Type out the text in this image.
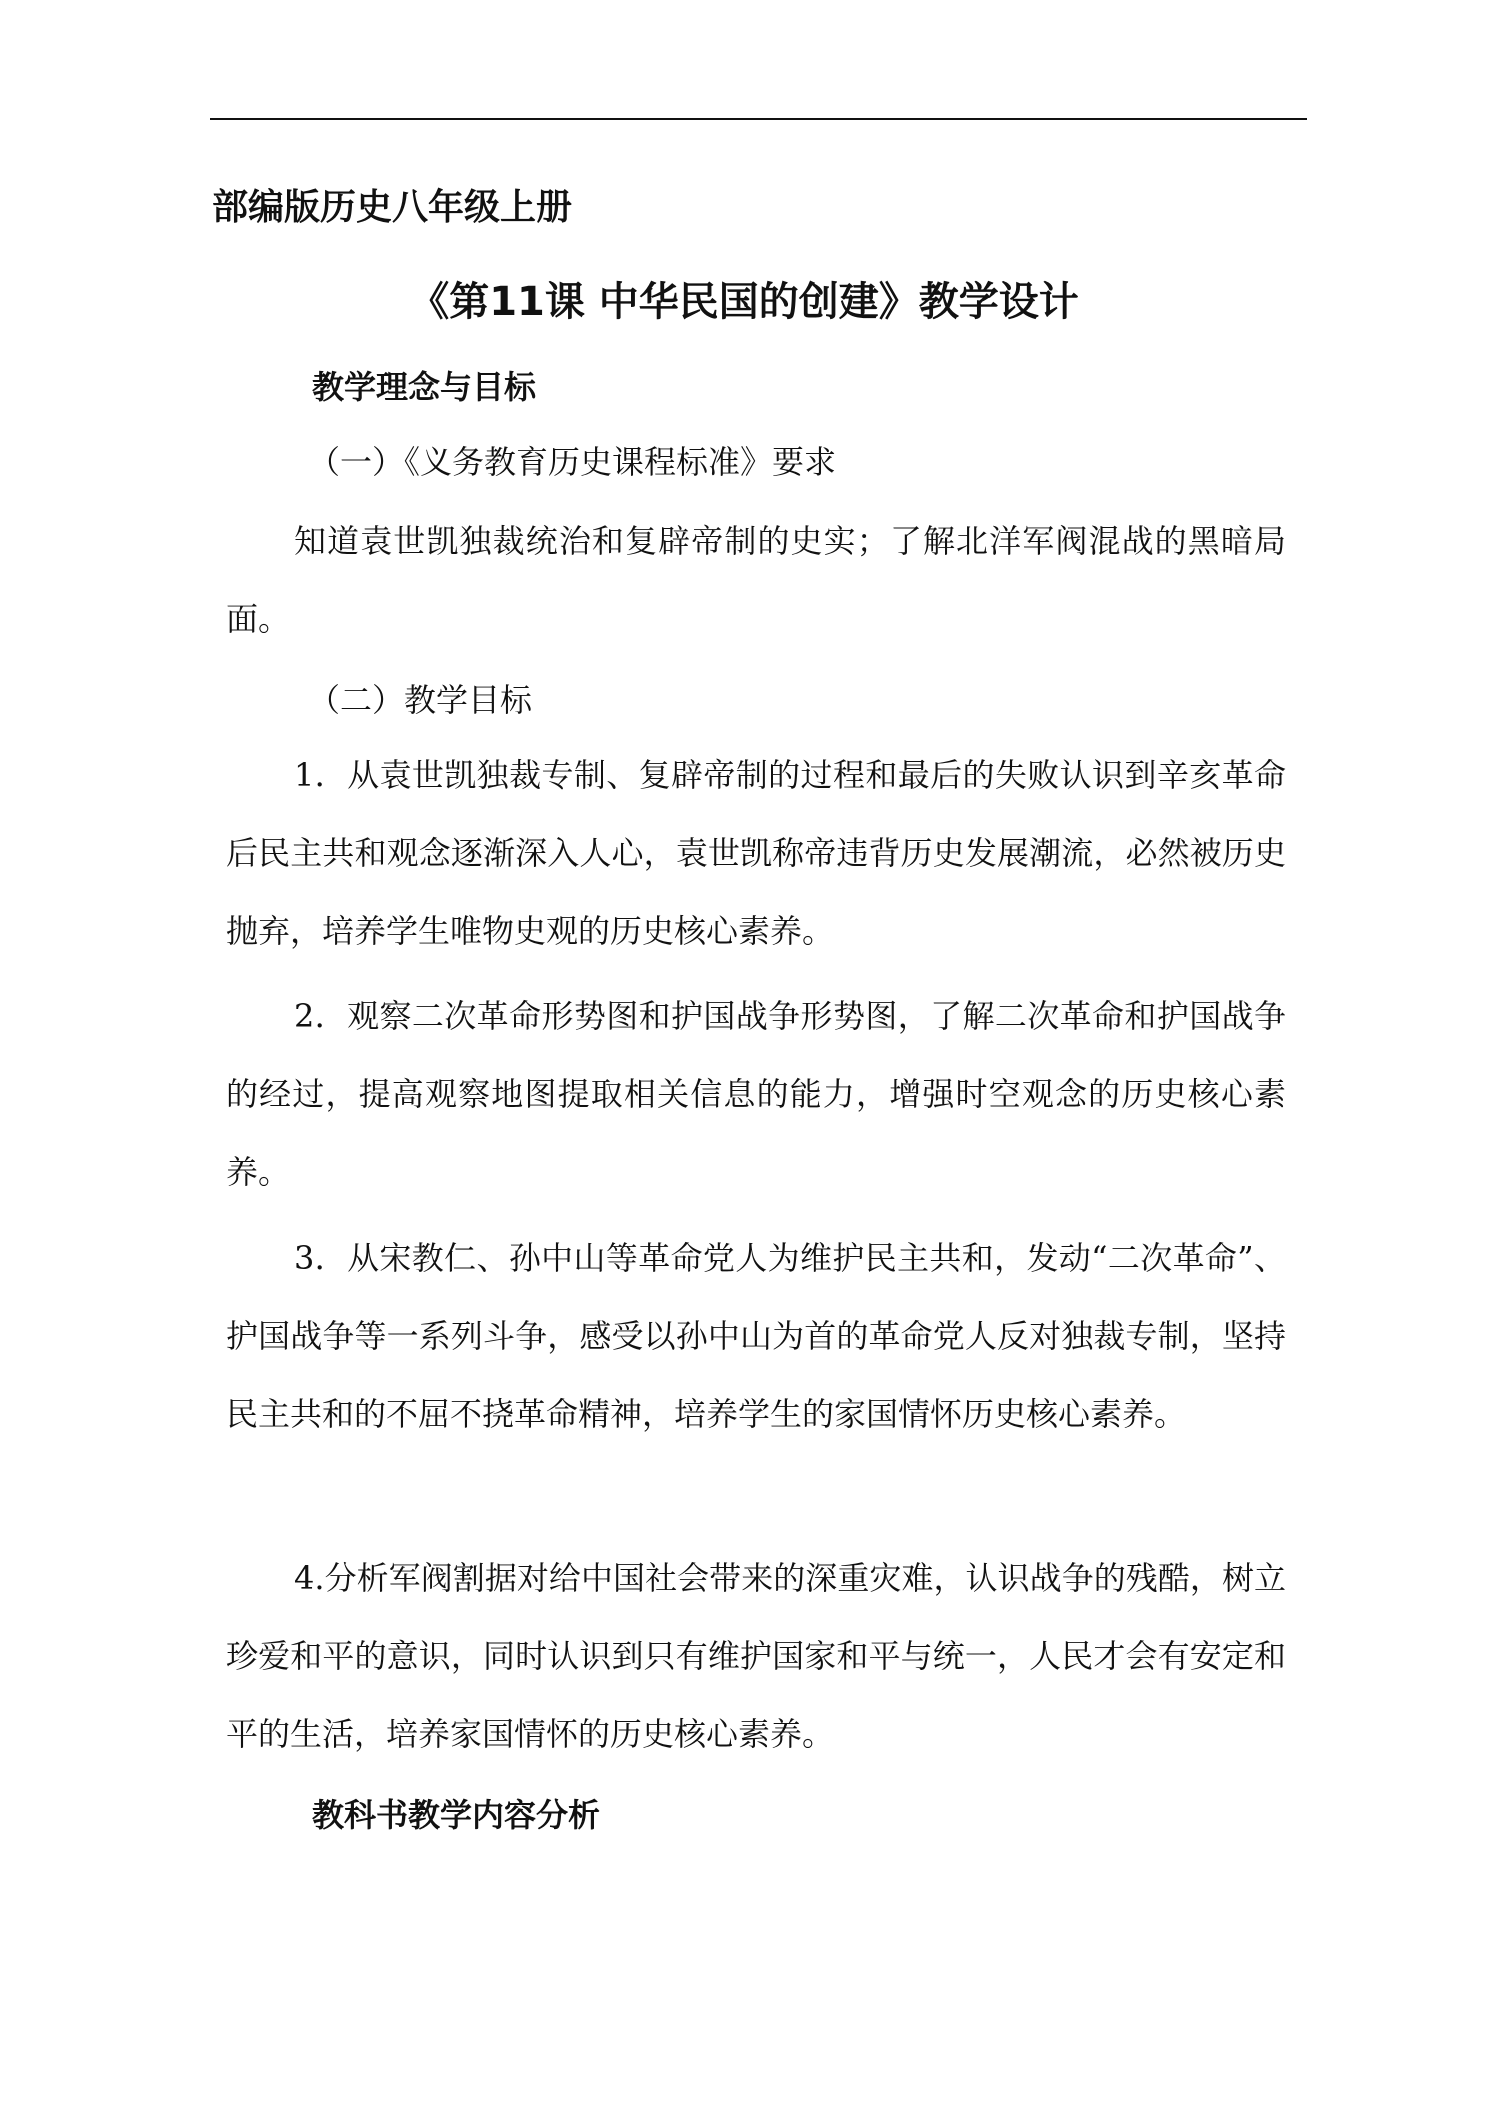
部编版历史八年级上册
《第11课 中华民国的创建》教学设计
教学理念与目标

（一）《义务教育历史课程标准》要求

知道袁世凯独裁统治和复辟帝制的史实；了解北洋军阀混战的黑暗局面。

（二）教学目标

1．从袁世凯独裁专制、复辟帝制的过程和最后的失败认识到辛亥革命后民主共和观念逐渐深入人心，袁世凯称帝违背历史发展潮流，必然被历史抛弃，培养学生唯物史观的历史核心素养。

2．观察二次革命形势图和护国战争形势图，了解二次革命和护国战争的经过，提高观察地图提取相关信息的能力，增强时空观念的历史核心素养。

3．从宋教仁、孙中山等革命党人为维护民主共和，发动“二次革命”、护国战争等一系列斗争，感受以孙中山为首的革命党人反对独裁专制，坚持民主共和的不屈不挠革命精神，培养学生的家国情怀历史核心素养。

4.分析军阀割据对给中国社会带来的深重灾难，认识战争的残酷，树立珍爱和平的意识，同时认识到只有维护国家和平与统一，人民才会有安定和平的生活，培养家国情怀的历史核心素养。

教科书教学内容分析
